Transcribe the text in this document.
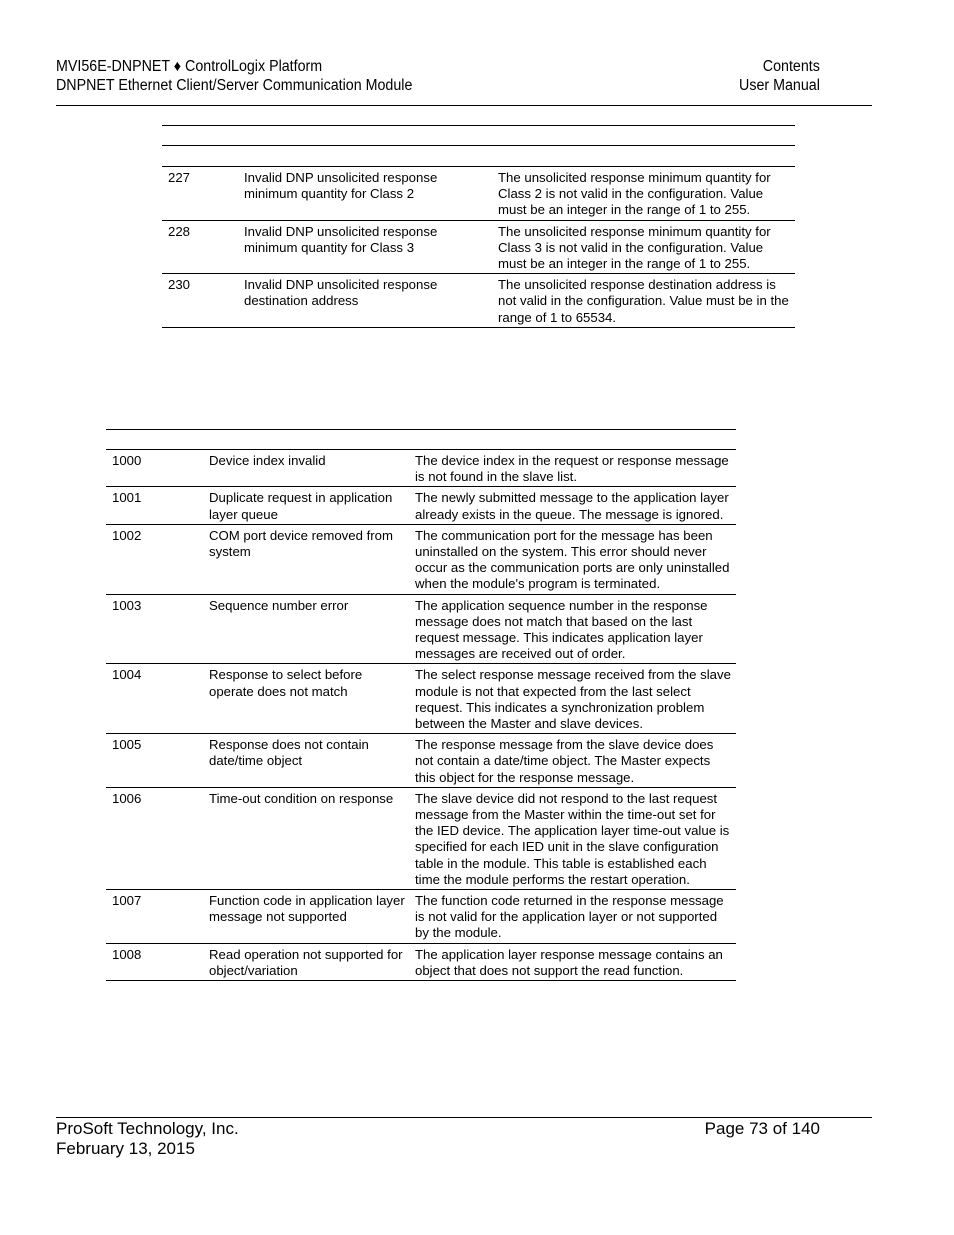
MVI56E-DNPNET ♦ ControlLogix Platform
DNPNET Ethernet Client/Server Communication Module
Contents
User Manual

227	Invalid DNP unsolicited response minimum quantity for Class 2	The unsolicited response minimum quantity for Class 2 is not valid in the configuration. Value must be an integer in the range of 1 to 255.
228	Invalid DNP unsolicited response minimum quantity for Class 3	The unsolicited response minimum quantity for Class 3 is not valid in the configuration. Value must be an integer in the range of 1 to 255.
230	Invalid DNP unsolicited response destination address	The unsolicited response destination address is not valid in the configuration. Value must be in the range of 1 to 65534.

1000	Device index invalid	The device index in the request or response message is not found in the slave list.
1001	Duplicate request in application layer queue	The newly submitted message to the application layer already exists in the queue. The message is ignored.
1002	COM port device removed from system	The communication port for the message has been uninstalled on the system. This error should never occur as the communication ports are only uninstalled when the module's program is terminated.
1003	Sequence number error	The application sequence number in the response message does not match that based on the last request message. This indicates application layer messages are received out of order.
1004	Response to select before operate does not match	The select response message received from the slave module is not that expected from the last select request. This indicates a synchronization problem between the Master and slave devices.
1005	Response does not contain date/time object	The response message from the slave device does not contain a date/time object. The Master expects this object for the response message.
1006	Time-out condition on response	The slave device did not respond to the last request message from the Master within the time-out set for the IED device. The application layer time-out value is specified for each IED unit in the slave configuration table in the module. This table is established each time the module performs the restart operation.
1007	Function code in application layer message not supported	The function code returned in the response message is not valid for the application layer or not supported by the module.
1008	Read operation not supported for object/variation	The application layer response message contains an object that does not support the read function.
ProSoft Technology, Inc.
February 13, 2015
Page 73 of 140
